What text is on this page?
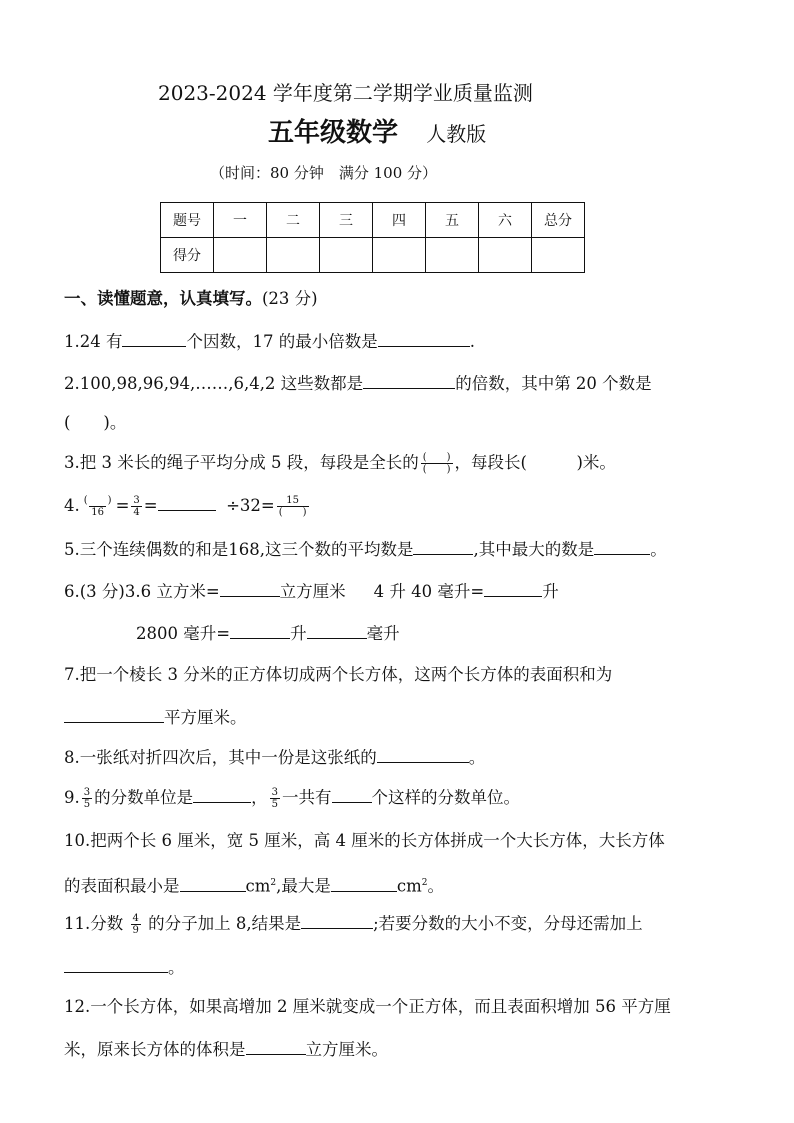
2023-2024 学年度第二学期学业质量监测
五年级数学 人教版
（时间：80 分钟　满分 100 分）
题号	一	二	三	四	五	六	总分
得分							
一、读懂题意，认真填写。(23 分)
1.24 有	个因数，17 的最小倍数是	.
2.100,98,96,94,……,6,4,2 这些数都是	的倍数，其中第 20 个数是
(　　)。
3.把 3 米长的绳子平均分成 5 段，每段是全长的 $\frac{( )}{( )}$ ，每段长(　　　)米。
4. $\frac{( )}{16} = \frac{3}{4}$ =	$\div 32= \frac{15}{( )}$
5.三个连续偶数的和是168,这三个数的平均数是	,其中最大的数是	。
6.(3 分)3.6 立方米=	立方厘米 4 升 40 毫升=	升
2800 毫升=	升	毫升
7.把一个棱长 3 分米的正方体切成两个长方体，这两个长方体的表面积和为
平方厘米。
8.一张纸对折四次后，其中一份是这张纸的	。
9. $\frac{3}{5}$ 的分数单位是	， $\frac{3}{5}$ 一共有 个这样的分数单位。
10.把两个长 6 厘米，宽 5 厘米，高 4 厘米的长方体拼成一个大长方体，大长方体
的表面积最小是	$cm^2$,最大是	$cm^2$。
11.分数 $\frac{4}{9}$ 的分子加上 8,结果是	;若要分数的大小不变，分母还需加上
。
12.一个长方体，如果高增加 2 厘米就变成一个正方体，而且表面积增加 56 平方厘
米，原来长方体的体积是	立方厘米。
